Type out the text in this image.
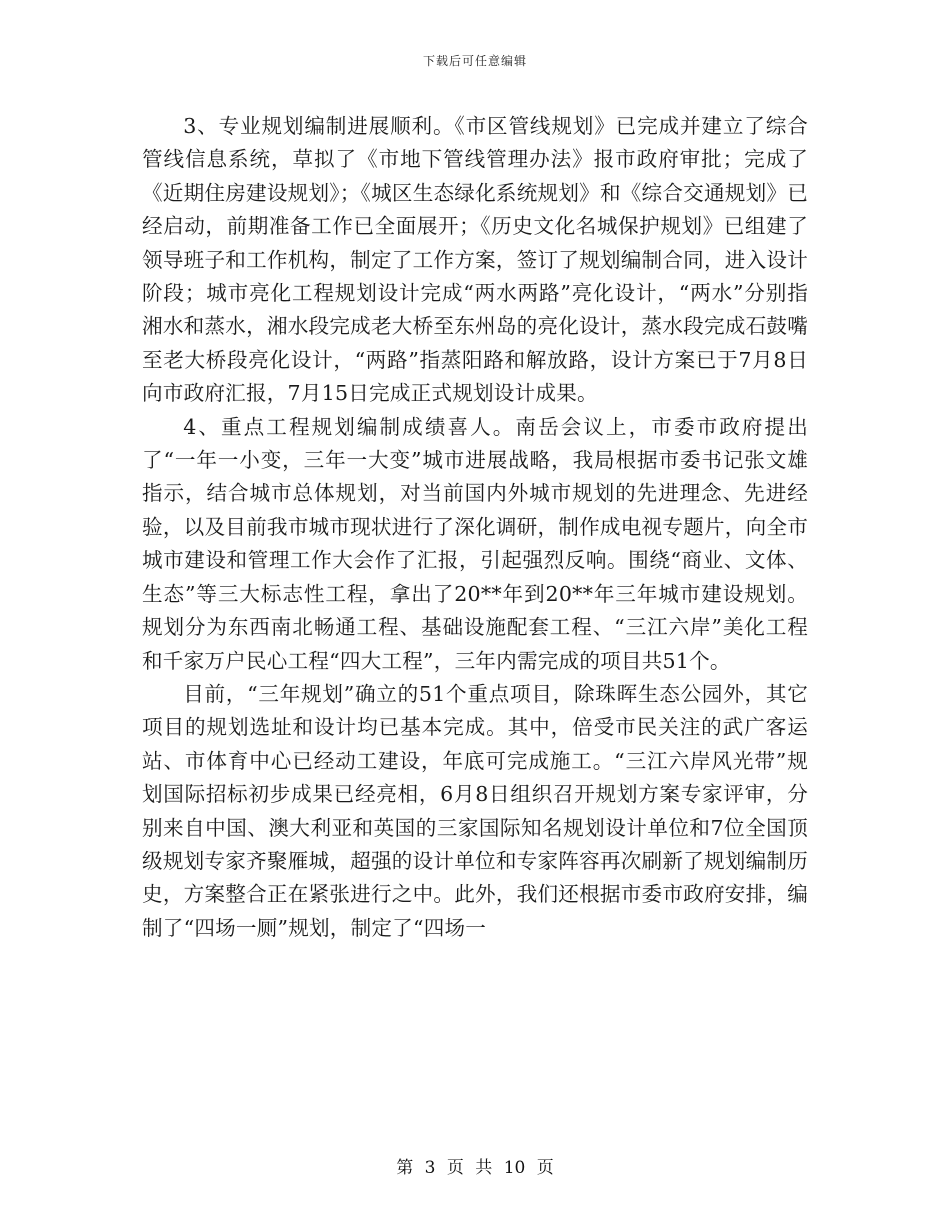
下载后可任意编辑

3、专业规划编制进展顺利。《市区管线规划》已完成并建立了综合管线信息系统，草拟了《市地下管线管理办法》报市政府审批；完成了《近期住房建设规划》；《城区生态绿化系统规划》和《综合交通规划》已经启动，前期准备工作已全面展开；《历史文化名城保护规划》已组建了领导班子和工作机构，制定了工作方案，签订了规划编制合同，进入设计阶段；城市亮化工程规划设计完成“两水两路”亮化设计，“两水”分别指湘水和蒸水，湘水段完成老大桥至东州岛的亮化设计，蒸水段完成石鼓嘴至老大桥段亮化设计，“两路”指蒸阳路和解放路，设计方案已于7月8日向市政府汇报，7月15日完成正式规划设计成果。

4、重点工程规划编制成绩喜人。南岳会议上，市委市政府提出了“一年一小变，三年一大变”城市进展战略，我局根据市委书记张文雄指示，结合城市总体规划，对当前国内外城市规划的先进理念、先进经验，以及目前我市城市现状进行了深化调研，制作成电视专题片，向全市城市建设和管理工作大会作了汇报，引起强烈反响。围绕“商业、文体、生态”等三大标志性工程，拿出了20**年到20**年三年城市建设规划。规划分为东西南北畅通工程、基础设施配套工程、“三江六岸”美化工程和千家万户民心工程“四大工程”，三年内需完成的项目共51个。

目前，“三年规划”确立的51个重点项目，除珠晖生态公园外，其它项目的规划选址和设计均已基本完成。其中，倍受市民关注的武广客运站、市体育中心已经动工建设，年底可完成施工。“三江六岸风光带”规划国际招标初步成果已经亮相，6月8日组织召开规划方案专家评审，分别来自中国、澳大利亚和英国的三家国际知名规划设计单位和7位全国顶级规划专家齐聚雁城，超强的设计单位和专家阵容再次刷新了规划编制历史，方案整合正在紧张进行之中。此外，我们还根据市委市政府安排，编制了“四场一厕”规划，制定了“四场一

第 3 页 共 10 页
